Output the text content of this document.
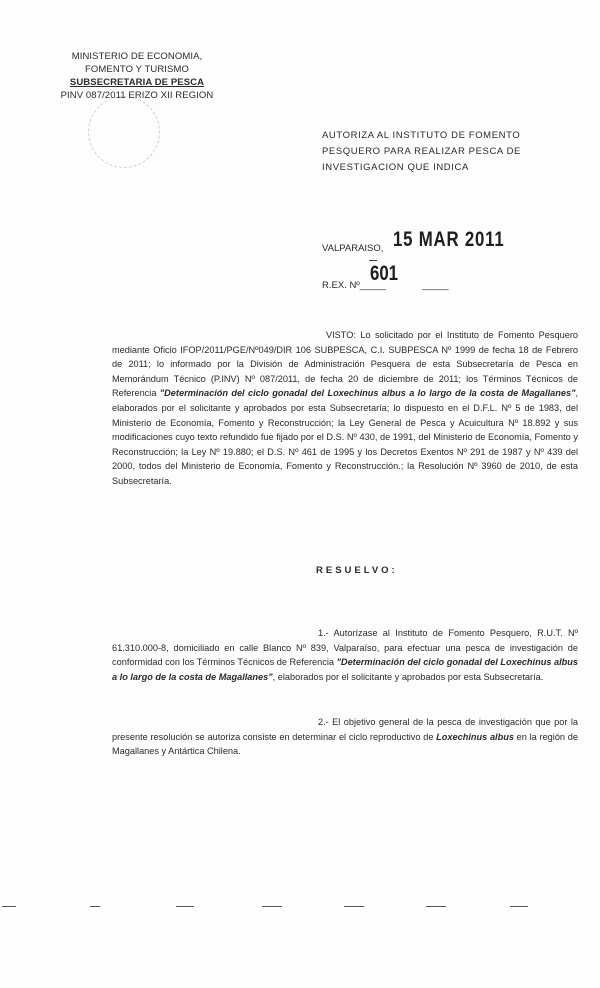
MINISTERIO DE ECONOMIA,
FOMENTO Y TURISMO
SUBSECRETARIA DE PESCA
PINV 087/2011 ERIZO XII REGION
AUTORIZA AL INSTITUTO DE FOMENTO PESQUERO PARA REALIZAR PESCA DE INVESTIGACION QUE INDICA
VALPARAISO, 15 MAR 2011
601
R.EX. Nº_____	_____
VISTO: Lo solicitado por el Instituto de Fomento Pesquero mediante Oficio IFOP/2011/PGE/Nº049/DIR 106 SUBPESCA, C.I. SUBPESCA Nº 1999 de fecha 18 de Febrero de 2011; lo informado por la División de Administración Pesquera de esta Subsecretaría de Pesca en Memorándum Técnico (P.INV) Nº 087/2011, de fecha 20 de diciembre de 2011; los Términos Técnicos de Referencia "Determinación del ciclo gonadal del Loxechinus albus a lo largo de la costa de Magallanes", elaborados por el solicitante y aprobados por esta Subsecretaría; lo dispuesto en el D.F.L. Nº 5 de 1983, del Ministerio de Economía, Fomento y Reconstrucción; la Ley General de Pesca y Acuicultura Nº 18.892 y sus modificaciones cuyo texto refundido fue fijado por el D.S. Nº 430, de 1991, del Ministerio de Economía, Fomento y Reconstrucción; la Ley Nº 19.880; el D.S. Nº 461 de 1995 y los Decretos Exentos Nº 291 de 1987 y Nº 439 del 2000, todos del Ministerio de Economía, Fomento y Reconstrucción.; la Resolución Nº 3960 de 2010, de esta Subsecretaría.
RESUELVO:
1.- Autorízase al Instituto de Fomento Pesquero, R.U.T. Nº 61.310.000-8, domiciliado en calle Blanco Nº 839, Valparaíso, para efectuar una pesca de investigación de conformidad con los Términos Técnicos de Referencia "Determinación del ciclo gonadal del Loxechinus albus a lo largo de la costa de Magallanes", elaborados por el solicitante y aprobados por esta Subsecretaría.
2.- El objetivo general de la pesca de investigación que por la presente resolución se autoriza consiste en determinar el ciclo reproductivo de Loxechinus albus en la región de Magallanes y Antártica Chilena.
